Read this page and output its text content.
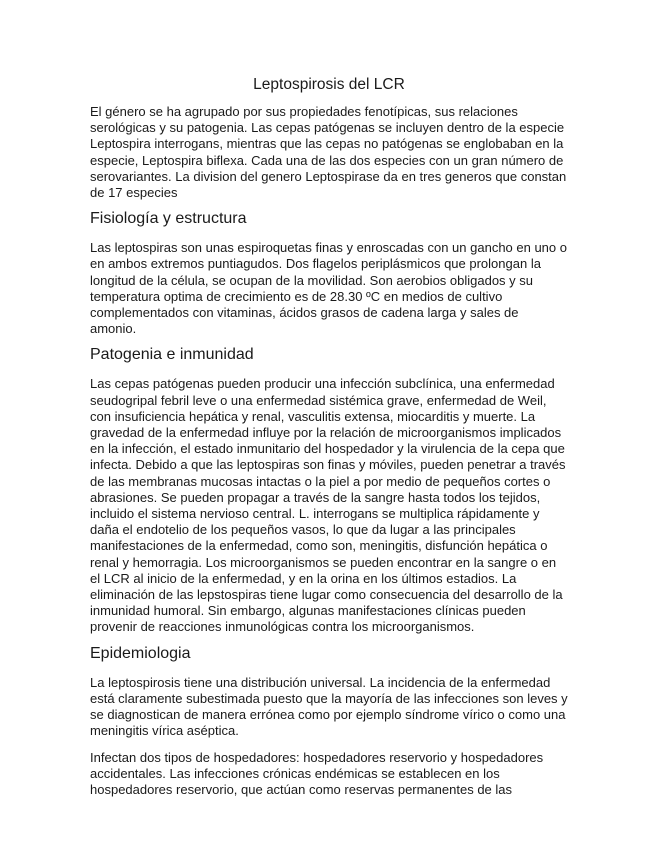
Leptospirosis del LCR

El género se ha agrupado por sus propiedades fenotípicas, sus relaciones serológicas y su patogenia. Las cepas patógenas se incluyen dentro de la especie Leptospira interrogans, mientras que las cepas no patógenas se englobaban en la especie, Leptospira biflexa. Cada una de las dos especies con un gran número de serovariantes. La division del genero Leptospirase da en tres generos que constan de 17 especies

Fisiología y estructura

Las leptospiras son unas espiroquetas finas y enroscadas con un gancho en uno o en ambos extremos puntiagudos. Dos flagelos periplásmicos que prolongan la longitud de la célula, se ocupan de la movilidad. Son aerobios obligados y su temperatura optima de crecimiento es de 28.30 ºC en medios de cultivo complementados con vitaminas, ácidos grasos de cadena larga y sales de amonio.

Patogenia e inmunidad

Las cepas patógenas pueden producir una infección subclínica, una enfermedad seudogripal febril leve o una enfermedad sistémica grave, enfermedad de Weil, con insuficiencia hepática y renal, vasculitis extensa, miocarditis y muerte. La gravedad de la enfermedad influye por la relación de microorganismos implicados en la infección, el estado inmunitario del hospedador y la virulencia de la cepa que infecta. Debido a que las leptospiras son finas y móviles, pueden penetrar a través de las membranas mucosas intactas o la piel a por medio de pequeños cortes o abrasiones. Se pueden propagar a través de la sangre hasta todos los tejidos, incluido el sistema nervioso central. L. interrogans se multiplica rápidamente y daña el endotelio de los pequeños vasos, lo que da lugar a las principales manifestaciones de la enfermedad, como son, meningitis, disfunción hepática o renal y hemorragia. Los microorganismos se pueden encontrar en la sangre o en el LCR al inicio de la enfermedad, y en la orina en los últimos estadios. La eliminación de las lepstospiras tiene lugar como consecuencia del desarrollo de la inmunidad humoral. Sin embargo, algunas manifestaciones clínicas pueden provenir de reacciones inmunológicas contra los microorganismos.

Epidemiologia

La leptospirosis tiene una distribución universal. La incidencia de la enfermedad está claramente subestimada puesto que la mayoría de las infecciones son leves y se diagnostican de manera errónea como por ejemplo síndrome vírico o como una meningitis vírica aséptica.

Infectan dos tipos de hospedadores: hospedadores reservorio y hospedadores accidentales. Las infecciones crónicas endémicas se establecen en los hospedadores reservorio, que actúan como reservas permanentes de las
